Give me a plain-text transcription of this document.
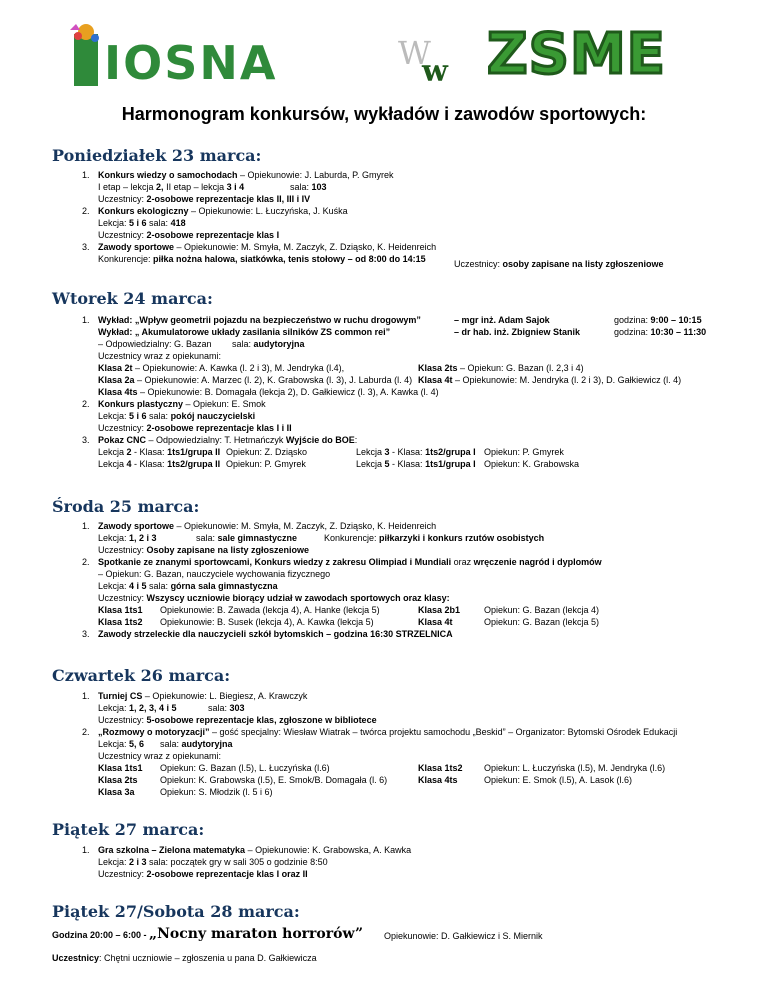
IOSNA	W
w ZSME
Harmonogram konkursów, wykładów i zawodów sportowych:
Poniedziałek 23 marca:
1. Konkurs wiedzy o samochodach – Opiekunowie: J. Laburda, P. Gmyrek
I etap – lekcja 2, II etap – lekcja 3 i 4
Uczestnicy: 2-osobowe reprezentacje klas II, III i IV
2. Konkurs ekologiczny – Opiekunowie: L. Łuczyńska, J. Kuśka
Lekcja: 5 i 6 sala: 418
Uczestnicy: 2-osobowe reprezentacje klas I
3. Zawody sportowe – Opiekunowie: M. Smyła, M. Zaczyk, Z. Dziąsko, K. Heidenreich
Konkurencje: piłka nożna halowa, siatkówka, tenis stołowy – od 8:00 do 14:15
sala: 103
Uczestnicy: osoby zapisane na listy zgłoszeniowe
Wtorek 24 marca:
1. Wykład: „Wpływ geometrii pojazdu na bezpieczeństwo w ruchu drogowym”	– mgr inż. Adam Sajok	godzina: 9:00 – 10:15
Wykład: „ Akumulatorowe układy zasilania silników ZS common rei”	– dr hab. inż. Zbigniew Stanik	godzina: 10:30 – 11:30
– Odpowiedzialny: G. Bazan sala: audytoryjna
Uczestnicy wraz z opiekunami:
Klasa 2t – Opiekunowie: A. Kawka (l. 2 i 3), M. Jendryka (l.4),	Klasa 2ts – Opiekun: G. Bazan (l. 2,3 i 4)
Klasa 2a – Opiekunowie: A. Marzec (l. 2), K. Grabowska (l. 3), J. Laburda (l. 4) Klasa 4t – Opiekunowie: M. Jendryka (l. 2 i 3), D. Gałkiewicz (l. 4)
Klasa 4ts – Opiekunowie: B. Domagała (lekcja 2), D. Gałkiewicz (l. 3), A. Kawka (l. 4)
2. Konkurs plastyczny – Opiekun: E. Smok
Lekcja: 5 i 6 sala: pokój nauczycielski
Uczestnicy: 2-osobowe reprezentacje klas I i II
3. Pokaz CNC – Odpowiedzialny: T. Hetmańczyk Wyjście do BOE:
Lekcja 2 - Klasa: 1ts1/grupa II Opiekun: Z. Dziąsko	Lekcja 3 - Klasa: 1ts2/grupa I Opiekun: P. Gmyrek
Lekcja 4 - Klasa: 1ts2/grupa II Opiekun: P. Gmyrek	Lekcja 5 - Klasa: 1ts1/grupa I Opiekun: K. Grabowska
Środa 25 marca:
1. Zawody sportowe – Opiekunowie: M. Smyła, M. Zaczyk, Z. Dziąsko, K. Heidenreich
Lekcja: 1, 2 i 3	sala: sale gimnastyczne	Konkurencje: piłkarzyki i konkurs rzutów osobistych
Uczestnicy: Osoby zapisane na listy zgłoszeniowe
2. Spotkanie ze znanymi sportowcami, Konkurs wiedzy z zakresu Olimpiad i Mundiali oraz wręczenie nagród i dyplomów
– Opiekun: G. Bazan, nauczyciele wychowania fizycznego
Lekcja: 4 i 5 sala: górna sala gimnastyczna
Uczestnicy: Wszyscy uczniowie biorący udział w zawodach sportowych oraz klasy:
Klasa 1ts1 Opiekunowie: B. Zawada (lekcja 4), A. Hanke (lekcja 5)	Klasa 2b1	Opiekun: G. Bazan (lekcja 4)
Klasa 1ts2 Opiekunowie: B. Susek (lekcja 4), A. Kawka (lekcja 5)	Klasa 4t	Opiekun: G. Bazan (lekcja 5)
3. Zawody strzeleckie dla nauczycieli szkół bytomskich – godzina 16:30 STRZELNICA
Czwartek 26 marca:
1. Turniej CS – Opiekunowie: L. Biegiesz, A. Krawczyk
Lekcja: 1, 2, 3, 4 i 5	sala: 303
Uczestnicy: 5-osobowe reprezentacje klas, zgłoszone w bibliotece
2. „Rozmowy o motoryzacji” – gość specjalny: Wiesław Wiatrak – twórca projektu samochodu „Beskid” – Organizator: Bytomski Ośrodek Edukacji
Lekcja: 5, 6 sala: audytoryjna
Uczestnicy wraz z opiekunami:
Klasa 1ts1 Opiekun: G. Bazan (l.5), L. Łuczyńska (l.6)	Klasa 1ts2 Opiekun: L. Łuczyńska (l.5), M. Jendryka (l.6)
Klasa 2ts Opiekun: K. Grabowska (l.5), E. Smok/B. Domagała (l. 6)	Klasa 4ts	Opiekun: E. Smok (l.5), A. Lasok (l.6)
Klasa 3a	Opiekun: S. Młodzik (l. 5 i 6)
Piątek 27 marca:
1. Gra szkolna – Zielona matematyka – Opiekunowie: K. Grabowska, A. Kawka
Lekcja: 2 i 3 sala: początek gry w sali 305 o godzinie 8:50
Uczestnicy: 2-osobowe reprezentacje klas I oraz II
Piątek 27/Sobota 28 marca:
Godzina 20:00 – 6:00 - „Nocny maraton horrorów” Opiekunowie: D. Gałkiewicz i S. Miernik
Uczestnicy: Chętni uczniowie – zgłoszenia u pana D. Gałkiewicza
